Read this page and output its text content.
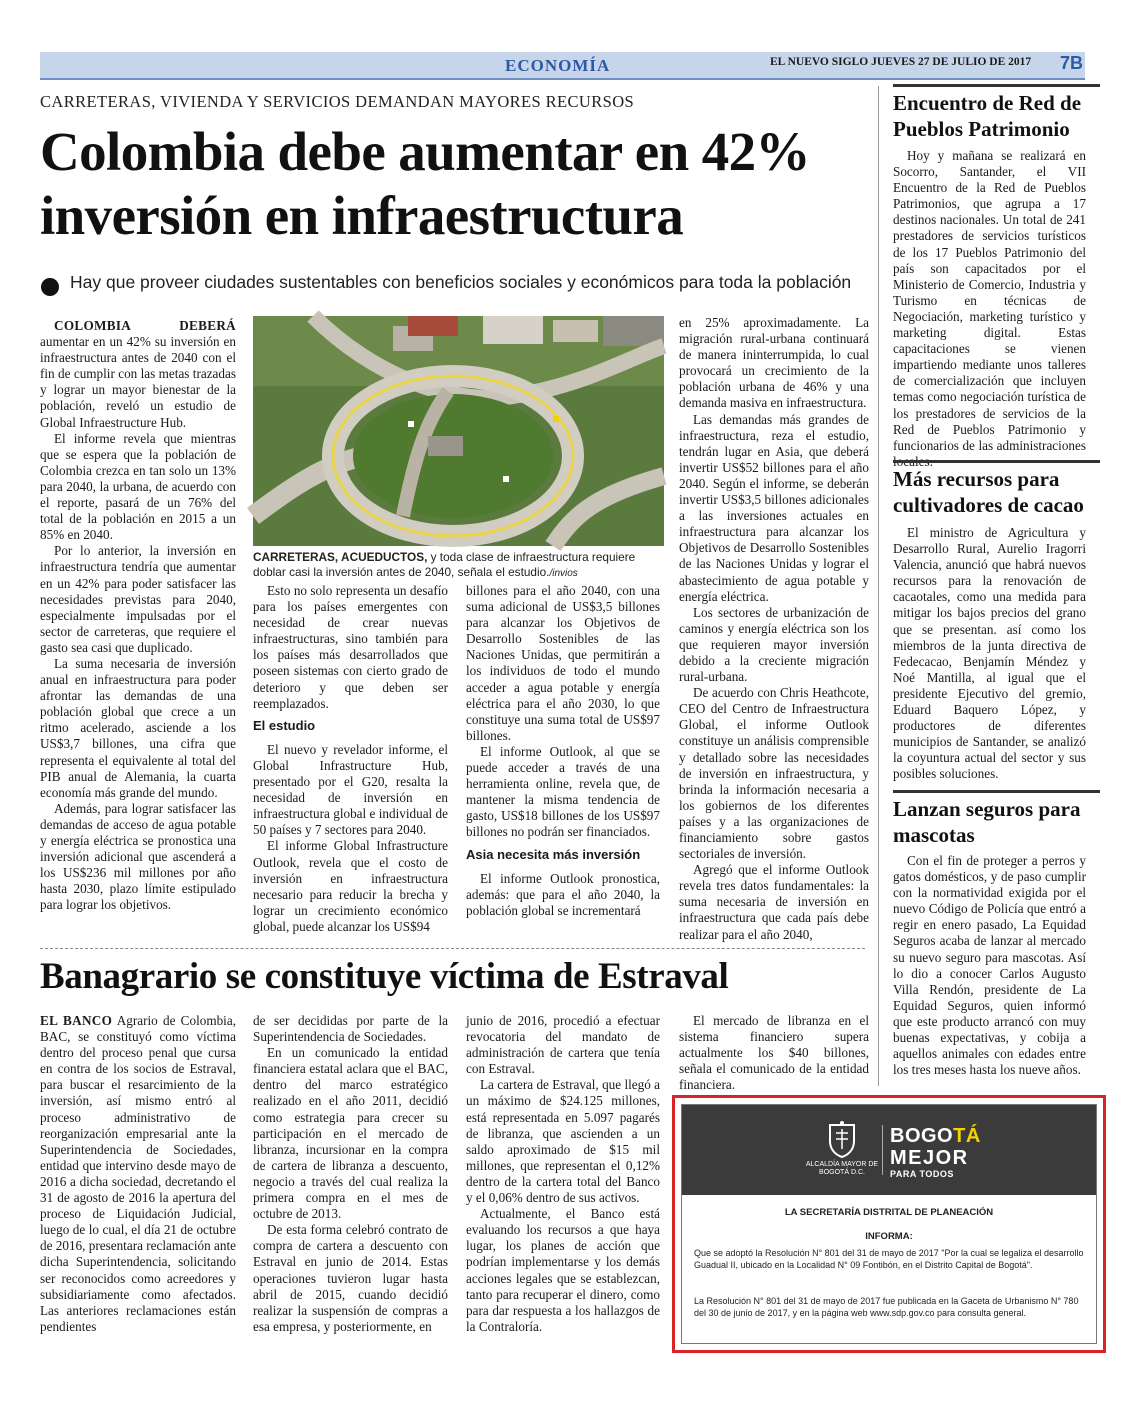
ECONOMÍA	EL NUEVO SIGLO JUEVES 27 DE JULIO DE 2017 7B
CARRETERAS, VIVIENDA Y SERVICIOS DEMANDAN MAYORES RECURSOS
Colombia debe aumentar en 42% inversión en infraestructura
Hay que proveer ciudades sustentables con beneficios sociales y económicos para toda la población

COLOMBIA DEBERÁ aumentar en un 42% su inversión en infraestructura antes de 2040 con el fin de cumplir con las metas trazadas y lograr un mayor bienestar de la población, reveló un estudio de Global Infraestructure Hub.

El informe revela que mientras que se espera que la población de Colombia crezca en tan solo un 13% para 2040, la urbana, de acuerdo con el reporte, pasará de un 76% del total de la población en 2015 a un 85% en 2040.

Por lo anterior, la inversión en infraestructura tendría que aumentar en un 42% para poder satisfacer las necesidades previstas para 2040, especialmente impulsadas por el sector de carreteras, que requiere el gasto sea casi que duplicado.

La suma necesaria de inversión anual en infraestructura para poder afrontar las demandas de una población global que crece a un ritmo acelerado, asciende a los US$3,7 billones, una cifra que representa el equivalente al total del PIB anual de Alemania, la cuarta economía más grande del mundo.

Además, para lograr satisfacer las demandas de acceso de agua potable y energía eléctrica se pronostica una inversión adicional que ascenderá a los US$236 mil millones por año hasta 2030, plazo límite estipulado para lograr los objetivos.

CARRETERAS, ACUEDUCTOS, y toda clase de infraestructura requiere doblar casi la inversión antes de 2040, señala el estudio./invios

Esto no solo representa un desafío para los países emergentes con necesidad de crear nuevas infraestructuras, sino también para los países más desarrollados que poseen sistemas con cierto grado de deterioro y que deben ser reemplazados.

El estudio

El nuevo y revelador informe, el Global Infrastructure Hub, presentado por el G20, resalta la necesidad de inversión en infraestructura global e individual de 50 países y 7 sectores para 2040.

El informe Global Infrastructure Outlook, revela que el costo de inversión en infraestructura necesario para reducir la brecha y lograr un crecimiento económico global, puede alcanzar los US$94

billones para el año 2040, con una suma adicional de US$3,5 billones para alcanzar los Objetivos de Desarrollo Sostenibles de las Naciones Unidas, que permitirán a los individuos de todo el mundo acceder a agua potable y energía eléctrica para el año 2030, lo que constituye una suma total de US$97 billones.

El informe Outlook, al que se puede acceder a través de una herramienta online, revela que, de mantener la misma tendencia de gasto, US$18 billones de los US$97 billones no podrán ser financiados.

Asia necesita más inversión

El informe Outlook pronostica, además: que para el año 2040, la población global se incrementará

en 25% aproximadamente. La migración rural-urbana continuará de manera ininterrumpida, lo cual provocará un crecimiento de la población urbana de 46% y una demanda masiva en infraestructura.

Las demandas más grandes de infraestructura, reza el estudio, tendrán lugar en Asia, que deberá invertir US$52 billones para el año 2040. Según el informe, se deberán invertir US$3,5 billones adicionales a las inversiones actuales en infraestructura para alcanzar los Objetivos de Desarrollo Sostenibles de las Naciones Unidas y lograr el abastecimiento de agua potable y energía eléctrica.

Los sectores de urbanización de caminos y energía eléctrica son los que requieren mayor inversión debido a la creciente migración rural-urbana.

De acuerdo con Chris Heathcote, CEO del Centro de Infraestructura Global, el informe Outlook constituye un análisis comprensible y detallado sobre las necesidades de inversión en infraestructura, y brinda la información necesaria a los gobiernos de los diferentes países y a las organizaciones de financiamiento sobre gastos sectoriales de inversión.

Agregó que el informe Outlook revela tres datos fundamentales: la suma necesaria de inversión en infraestructura que cada país debe realizar para el año 2040,

Encuentro de Red de Pueblos Patrimonio

Hoy y mañana se realizará en Socorro, Santander, el VII Encuentro de la Red de Pueblos Patrimonios, que agrupa a 17 destinos nacionales. Un total de 241 prestadores de servicios turísticos de los 17 Pueblos Patrimonio del país son capacitados por el Ministerio de Comercio, Industria y Turismo en técnicas de Negociación, marketing turístico y marketing digital. Estas capacitaciones se vienen impartiendo mediante unos talleres de comercialización que incluyen temas como negociación turística de los prestadores de servicios de la Red de Pueblos Patrimonio y funcionarios de las administraciones locales.

Más recursos para cultivadores de cacao

El ministro de Agricultura y Desarrollo Rural, Aurelio Iragorri Valencia, anunció que habrá nuevos recursos para la renovación de cacaotales, como una medida para mitigar los bajos precios del grano que se presentan. así como los miembros de la junta directiva de Fedecacao, Benjamín Méndez y Noé Mantilla, al igual que el presidente Ejecutivo del gremio, Eduard Baquero López, y productores de diferentes municipios de Santander, se analizó la coyuntura actual del sector y sus posibles soluciones.

Lanzan seguros para mascotas

Con el fin de proteger a perros y gatos domésticos, y de paso cumplir con la normatividad exigida por el nuevo Código de Policía que entró a regir en enero pasado, La Equidad Seguros acaba de lanzar al mercado su nuevo seguro para mascotas. Así lo dio a conocer Carlos Augusto Villa Rendón, presidente de La Equidad Seguros, quien informó que este producto arrancó con muy buenas expectativas, y cobija a aquellos animales con edades entre los tres meses hasta los nueve años.

Banagrario se constituye víctima de Estraval

EL BANCO Agrario de Colombia, BAC, se constituyó como víctima dentro del proceso penal que cursa en contra de los socios de Estraval, para buscar el resarcimiento de la inversión, así mismo entró al proceso administrativo de reorganización empresarial ante la Superintendencia de Sociedades, entidad que intervino desde mayo de 2016 a dicha sociedad, decretando el 31 de agosto de 2016 la apertura del proceso de Liquidación Judicial, luego de lo cual, el día 21 de octubre de 2016, presentara reclamación ante dicha Superintendencia, solicitando ser reconocidos como acreedores y subsidiariamente como afectados. Las anteriores reclamaciones están pendientes

de ser decididas por parte de la Superintendencia de Sociedades.

En un comunicado la entidad financiera estatal aclara que el BAC, dentro del marco estratégico realizado en el año 2011, decidió como estrategia para crecer su participación en el mercado de libranza, incursionar en la compra de cartera de libranza a descuento, negocio a través del cual realiza la primera compra en el mes de octubre de 2013.

De esta forma celebró contrato de compra de cartera a descuento con Estraval en junio de 2014. Estas operaciones tuvieron lugar hasta abril de 2015, cuando decidió realizar la suspensión de compras a esa empresa, y posteriormente, en

junio de 2016, procedió a efectuar revocatoria del mandato de administración de cartera que tenía con Estraval.

La cartera de Estraval, que llegó a un máximo de $24.125 millones, está representada en 5.097 pagarés de libranza, que ascienden a un saldo aproximado de $15 mil millones, que representan el 0,12% dentro de la cartera total del Banco y el 0,06% dentro de sus activos.

Actualmente, el Banco está evaluando los recursos a que haya lugar, los planes de acción que podrían implementarse y los demás acciones legales que se establezcan, tanto para recuperar el dinero, como para dar respuesta a los hallazgos de la Contraloría.

El mercado de libranza en el sistema financiero supera actualmente los $40 billones, señala el comunicado de la entidad financiera.

ALCALDÍA MAYOR DE BOGOTÁ D.C.
BOGOTÁ
MEJOR
PARA TODOS
LA SECRETARÍA DISTRITAL DE PLANEACIÓN
INFORMA:
Que se adoptó la Resolución N° 801 del 31 de mayo de 2017 "Por la cual se legaliza el desarrollo Guadual II, ubicado en la Localidad N° 09 Fontibón, en el Distrito Capital de Bogotá".
La Resolución N° 801 del 31 de mayo de 2017 fue publicada en la Gaceta de Urbanismo N° 780 del 30 de junio de 2017, y en la página web www.sdp.gov.co para consulta general.
